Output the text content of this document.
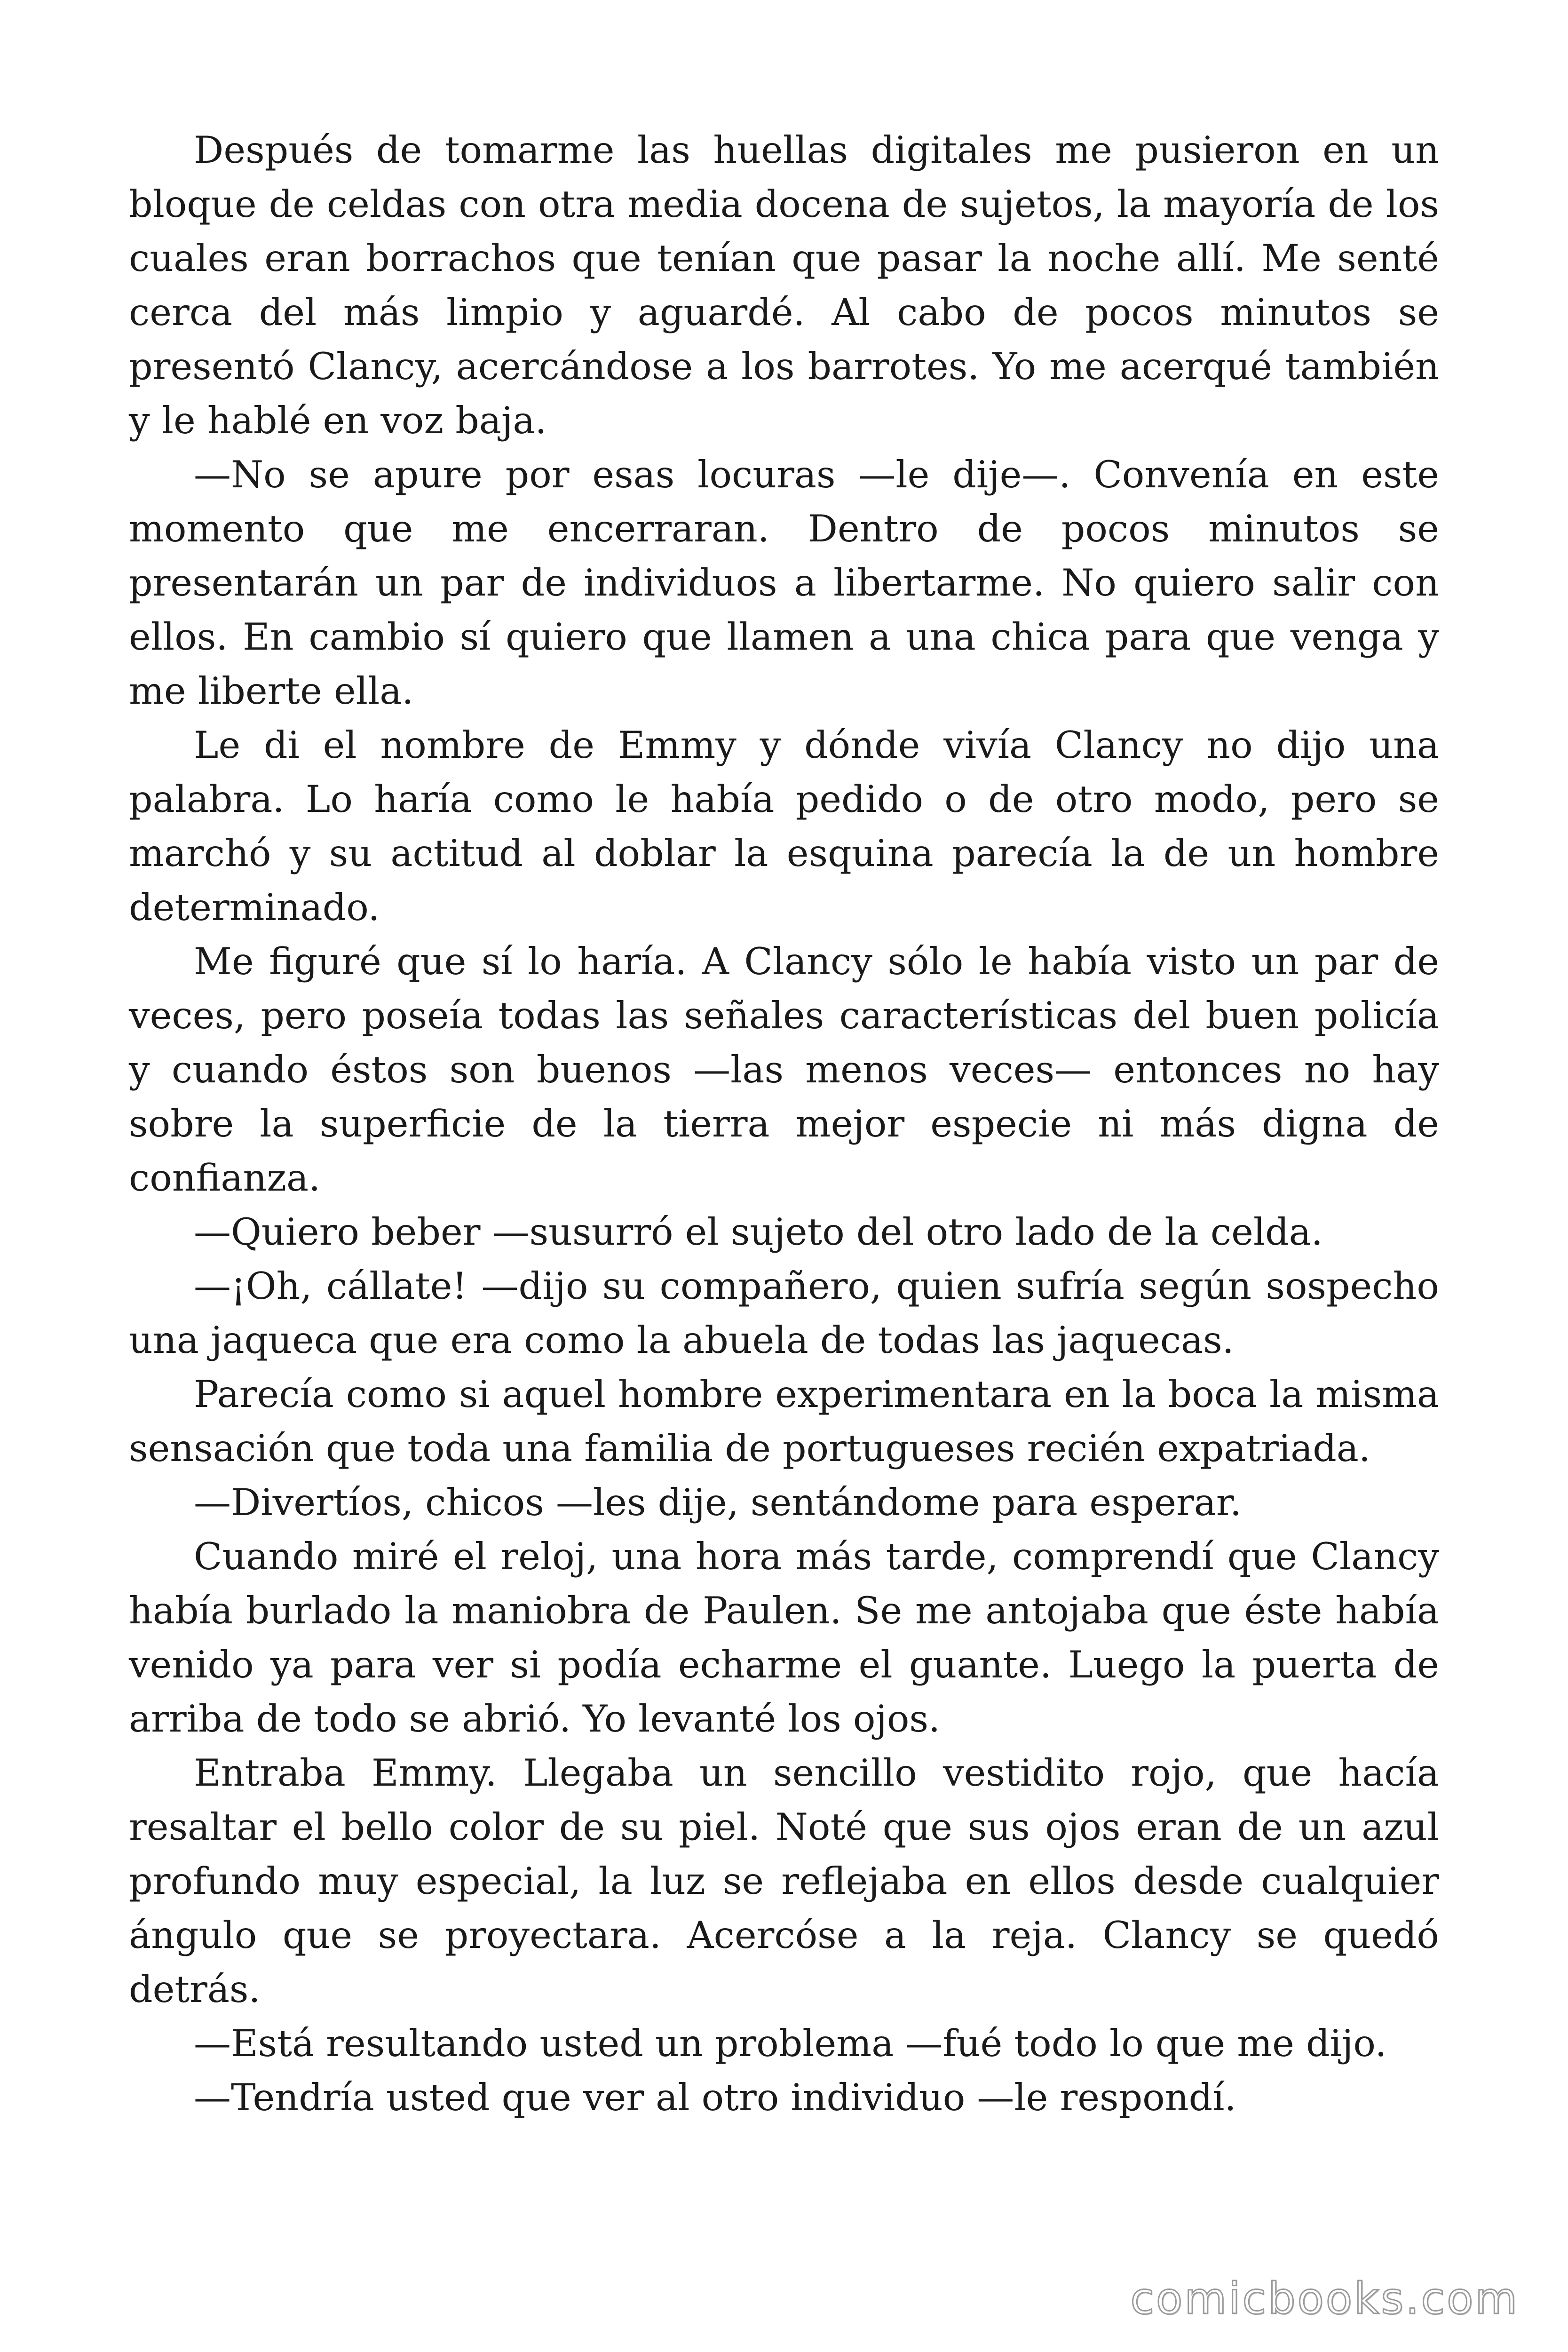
Después de tomarme las huellas digitales me pusieron en un bloque de celdas con otra media docena de sujetos, la mayoría de los cuales eran borrachos que tenían que pasar la noche allí. Me senté cerca del más limpio y aguardé. Al cabo de pocos minutos se presentó Clancy, acercándose a los barrotes. Yo me acerqué también y le hablé en voz baja.

—No se apure por esas locuras —le dije—. Convenía en este momento que me encerraran. Dentro de pocos minutos se presentarán un par de individuos a libertarme. No quiero salir con ellos. En cambio sí quiero que llamen a una chica para que venga y me liberte ella.

Le di el nombre de Emmy y dónde vivía Clancy no dijo una palabra. Lo haría como le había pedido o de otro modo, pero se marchó y su actitud al doblar la esquina parecía la de un hombre determinado.

Me figuré que sí lo haría. A Clancy sólo le había visto un par de veces, pero poseía todas las señales características del buen policía y cuando éstos son buenos —las menos veces— entonces no hay sobre la superficie de la tierra mejor especie ni más digna de confianza.

—Quiero beber —susurró el sujeto del otro lado de la celda.

—¡Oh, cállate! —dijo su compañero, quien sufría según sospecho una jaqueca que era como la abuela de todas las jaquecas.

Parecía como si aquel hombre experimentara en la boca la misma sensación que toda una familia de portugueses recién expatriada.

—Divertíos, chicos —les dije, sentándome para esperar.

Cuando miré el reloj, una hora más tarde, comprendí que Clancy había burlado la maniobra de Paulen. Se me antojaba que éste había venido ya para ver si podía echarme el guante. Luego la puerta de arriba de todo se abrió. Yo levanté los ojos.

Entraba Emmy. Llegaba un sencillo vestidito rojo, que hacía resaltar el bello color de su piel. Noté que sus ojos eran de un azul profundo muy especial, la luz se reflejaba en ellos desde cualquier ángulo que se proyectara. Acercóse a la reja. Clancy se quedó detrás.

—Está resultando usted un problema —fué todo lo que me dijo.

—Tendría usted que ver al otro individuo —le respondí.

comicbooks.com
